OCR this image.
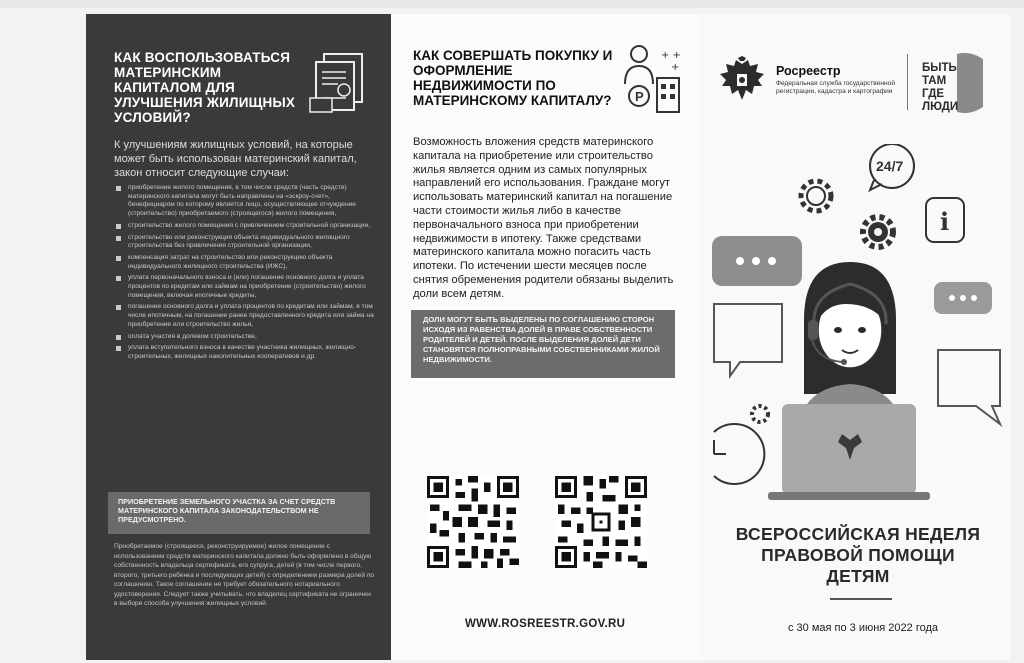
КАК ВОСПОЛЬЗОВАТЬСЯ МАТЕРИНСКИМ КАПИТАЛОМ ДЛЯ УЛУЧШЕНИЯ ЖИЛИЩНЫХ УСЛОВИЙ?

К улучшениям жилищных условий, на которые может быть использован материнский капитал, закон относит следующие случаи:

приобретение жилого помещения, в том числе средств (часть средств) материнского капитала могут быть направлены на «эскроу-счет», бенефициаром по которому является лицо, осуществляющее отчуждение (строительство) приобретаемого (строящегося) жилого помещения,
строительство жилого помещения с привлечением строительной организации,
строительство или реконструкция объекта индивидуального жилищного строительства без привлечения строительной организации,
компенсация затрат на строительство или реконструкцию объекта индивидуального жилищного строительства (ИЖС),
уплата первоначального взноса и (или) погашение основного долга и уплата процентов по кредитам или займам на приобретение (строительство) жилого помещения, включая ипотечные кредиты,
погашение основного долга и уплата процентов по кредитам или займам, в том числе ипотечным, на погашение ранее предоставленного кредита или займа на приобретение или строительство жилья,
оплата участия в долевом строительстве,
уплата вступительного взноса в качестве участника жилищных, жилищно-строительных, жилищных накопительных кооперативов и др.
ПРИОБРЕТЕНИЕ ЗЕМЕЛЬНОГО УЧАСТКА ЗА СЧЕТ СРЕДСТВ МАТЕРИНСКОГО КАПИТАЛА ЗАКОНОДАТЕЛЬСТВОМ НЕ ПРЕДУСМОТРЕНО.

Приобретаемое (строящееся, реконструируемое) жилое помещение с использованием средств материнского капитала должно быть оформлено в общую собственность владельца сертификата, его супруга, детей (в том числе первого, второго, третьего ребенка и последующих детей) с определением размера долей по соглашению. Такое соглашение не требует обязательного нотариального удостоверения. Следует также учитывать, что владелец сертификата не ограничен в выборе способа улучшения жилищных условий.

КАК СОВЕРШАТЬ ПОКУПКУ И ОФОРМЛЕНИЕ НЕДВИЖИМОСТИ ПО МАТЕРИНСКОМУ КАПИТАЛУ? P
+ +
+

Возможность вложения средств материнского капитала на приобретение или строительство жилья является одним из самых популярных направлений его использования. Граждане могут использовать материнский капитал на погашение части стоимости жилья либо в качестве первоначального взноса при приобретении недвижимости в ипотеку. Также средствами материнского капитала можно погасить часть ипотеки. По истечении шести месяцев после снятия обременения родители обязаны выделить доли всем детям.

ДОЛИ МОГУТ БЫТЬ ВЫДЕЛЕНЫ ПО СОГЛАШЕНИЮ СТОРОН ИСХОДЯ ИЗ РАВЕНСТВА ДОЛЕЙ В ПРАВЕ СОБСТВЕННОСТИ РОДИТЕЛЕЙ И ДЕТЕЙ. ПОСЛЕ ВЫДЕЛЕНИЯ ДОЛЕЙ ДЕТИ СТАНОВЯТСЯ ПОЛНОПРАВНЫМИ СОБСТВЕННИКАМИ ЖИЛОЙ НЕДВИЖИМОСТИ.
WWW.ROSREESTR.GOV.RU
Росреестр
Федеральная служба государственной регистрации, кадастра и картографии
БЫТЬ
ТАМ
ГДЕ
ЛЮДИ
24/7
i
ВСЕРОССИЙСКАЯ НЕДЕЛЯ ПРАВОВОЙ ПОМОЩИ ДЕТЯМ
с 30 мая по 3 июня 2022 года
